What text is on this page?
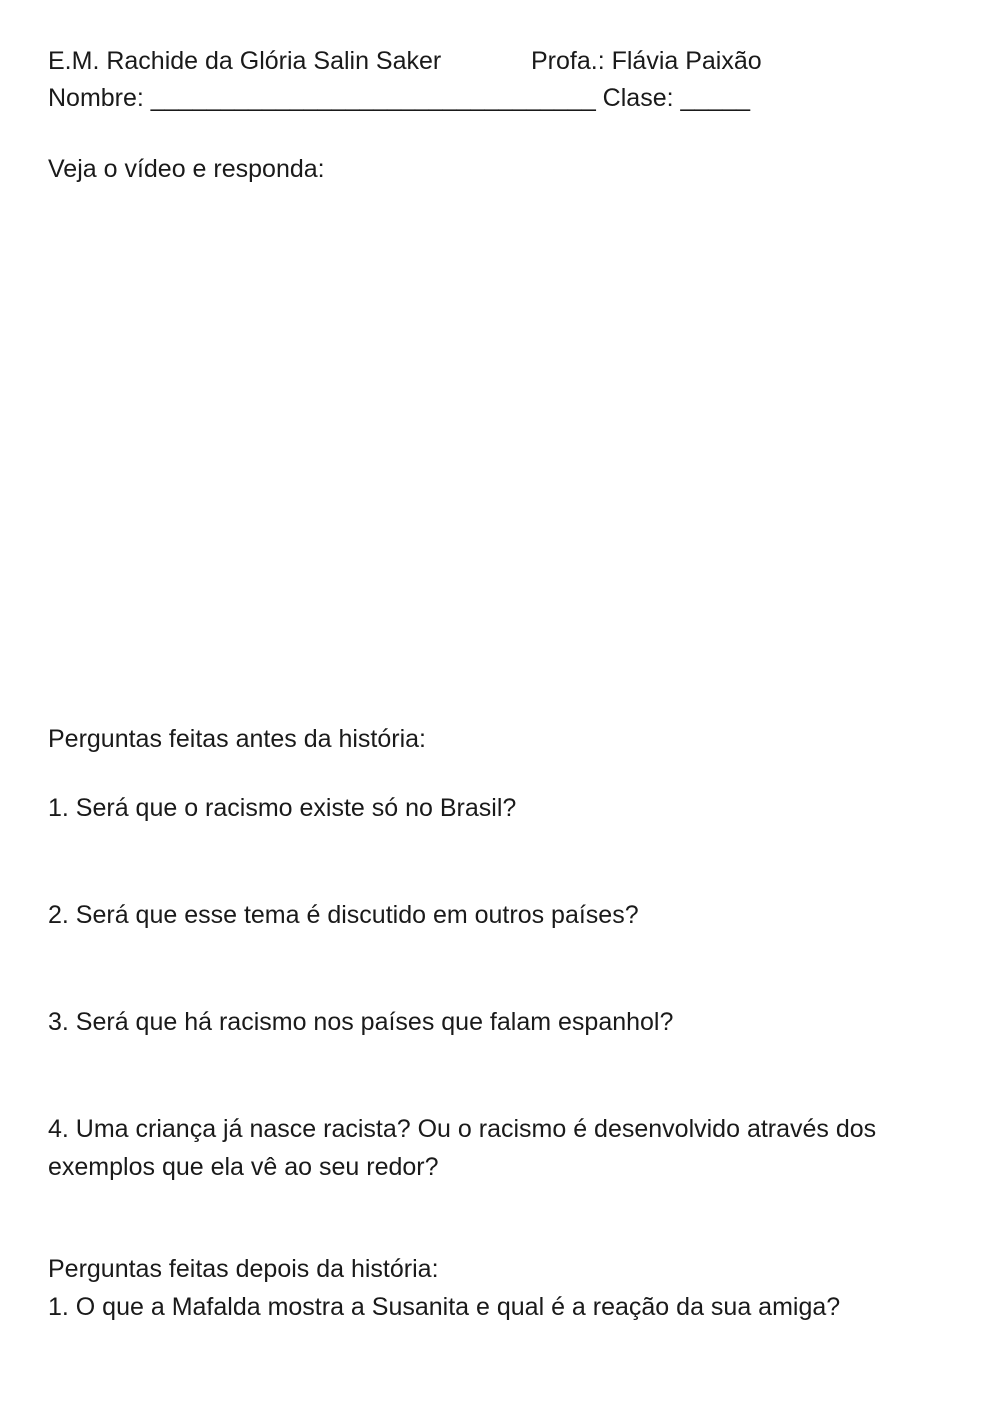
E.M. Rachide da Glória Salin Saker	Profa.: Flávia Paixão
Nombre: ________________________________ Clase: _____
Veja o vídeo e responda:
Perguntas feitas antes da história:
1. Será que o racismo existe só no Brasil?
2. Será que esse tema é discutido em outros países?
3. Será que há racismo nos países que falam espanhol?
4. Uma criança já nasce racista? Ou o racismo é desenvolvido através dos exemplos que ela vê ao seu redor?
Perguntas feitas depois da história:
1. O que a Mafalda mostra a Susanita e qual é a reação da sua amiga?
